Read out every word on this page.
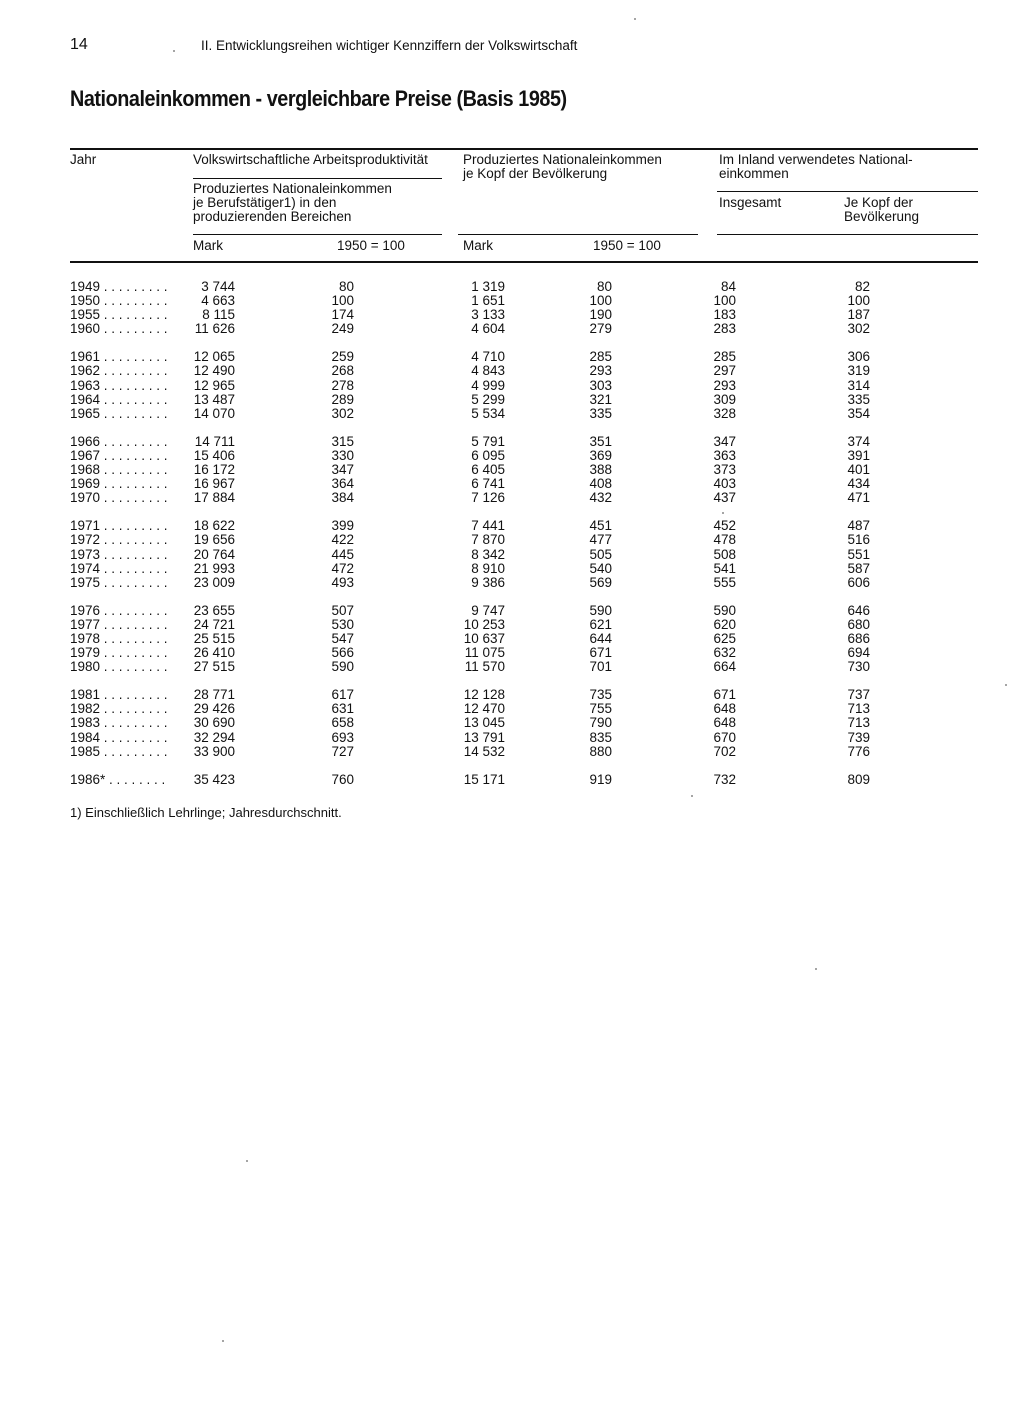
14	II. Entwicklungsreihen wichtiger Kennziffern der Volkswirtschaft
Nationaleinkommen - vergleichbare Preise (Basis 1985)
Jahr	Volkswirtschaftliche Arbeitsproduktivität
Produziertes Nationaleinkommen
je Berufstätiger1) in den
produzierenden Bereichen
Produziertes Nationaleinkommen
je Kopf der Bevölkerung
Im Inland verwendetes National-
einkommen
Insgesamt	Je Kopf der
Bevölkerung
Mark	1950 = 100	Mark	1950 = 100
1949 . . . . . . . . .	3 744	80	1 319	80	84	82
1950 . . . . . . . . .	4 663	100	1 651	100	100	100
1955 . . . . . . . . .	8 115	174	3 133	190	183	187
1960 . . . . . . . . .	11 626	249	4 604	279	283	302
1961 . . . . . . . . .	12 065	259	4 710	285	285	306
1962 . . . . . . . . .	12 490	268	4 843	293	297	319
1963 . . . . . . . . .	12 965	278	4 999	303	293	314
1964 . . . . . . . . .	13 487	289	5 299	321	309	335
1965 . . . . . . . . .	14 070	302	5 534	335	328	354
1966 . . . . . . . . .	14 711	315	5 791	351	347	374
1967 . . . . . . . . .	15 406	330	6 095	369	363	391
1968 . . . . . . . . .	16 172	347	6 405	388	373	401
1969 . . . . . . . . .	16 967	364	6 741	408	403	434
1970 . . . . . . . . .	17 884	384	7 126	432	437	471
1971 . . . . . . . . .	18 622	399	7 441	451	452	487
1972 . . . . . . . . .	19 656	422	7 870	477	478	516
1973 . . . . . . . . .	20 764	445	8 342	505	508	551
1974 . . . . . . . . .	21 993	472	8 910	540	541	587
1975 . . . . . . . . .	23 009	493	9 386	569	555	606
1976 . . . . . . . . .	23 655	507	9 747	590	590	646
1977 . . . . . . . . .	24 721	530	10 253	621	620	680
1978 . . . . . . . . .	25 515	547	10 637	644	625	686
1979 . . . . . . . . .	26 410	566	11 075	671	632	694
1980 . . . . . . . . .	27 515	590	11 570	701	664	730
1981 . . . . . . . . .	28 771	617	12 128	735	671	737
1982 . . . . . . . . .	29 426	631	12 470	755	648	713
1983 . . . . . . . . .	30 690	658	13 045	790	648	713
1984 . . . . . . . . .	32 294	693	13 791	835	670	739
1985 . . . . . . . . .	33 900	727	14 532	880	702	776
1986* . . . . . . . .	35 423	760	15 171	919	732	809
1) Einschließlich Lehrlinge; Jahresdurchschnitt.
